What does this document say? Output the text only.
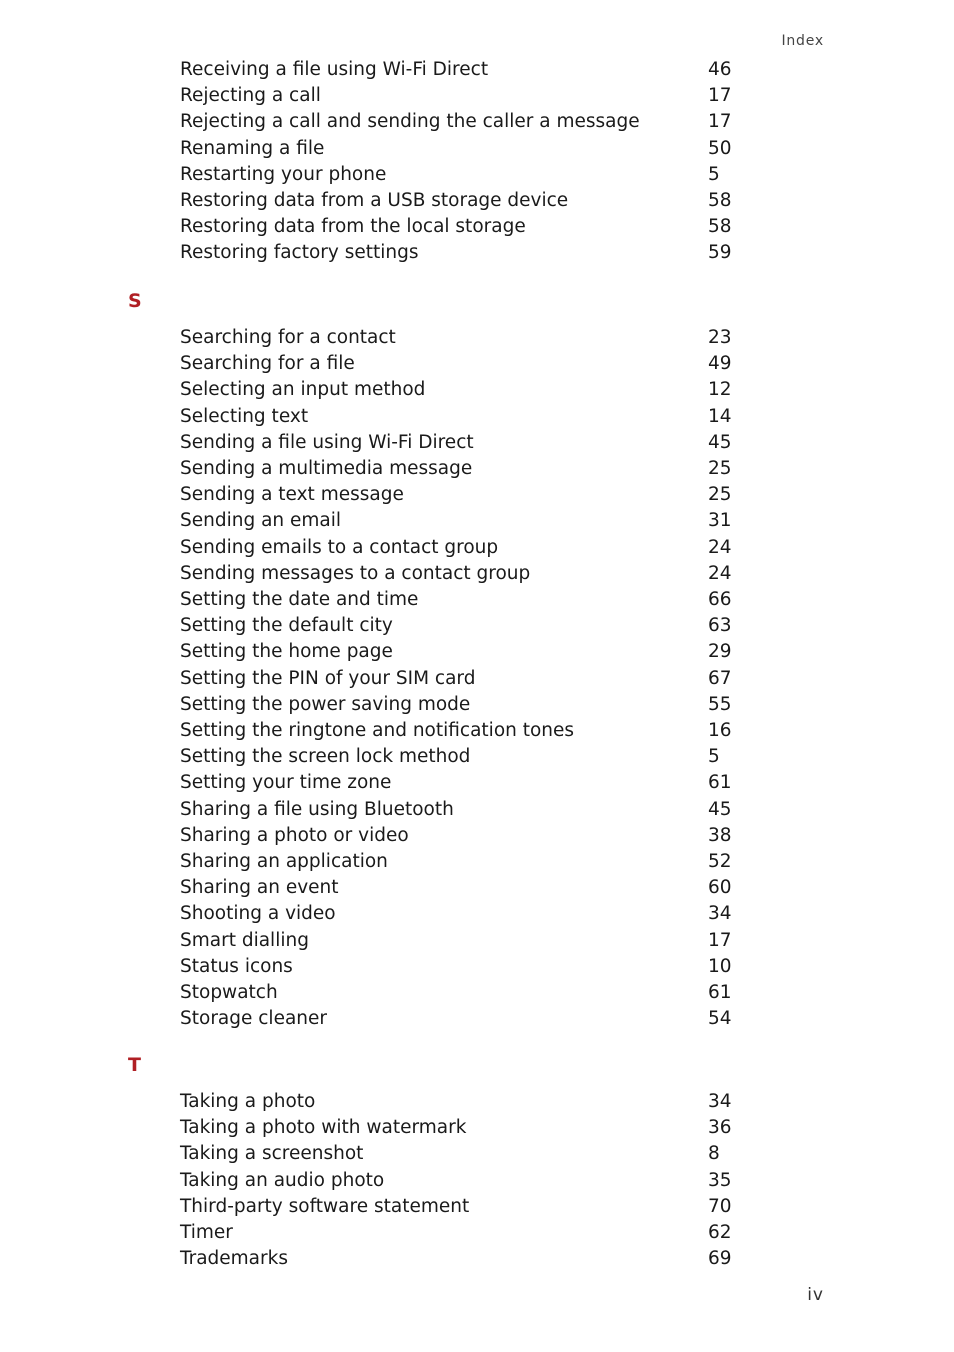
Index
Receiving a file using Wi-Fi Direct	46
Rejecting a call	17
Rejecting a call and sending the caller a message	17
Renaming a file	50
Restarting your phone	5
Restoring data from a USB storage device	58
Restoring data from the local storage	58
Restoring factory settings	59
S
Searching for a contact	23
Searching for a file	49
Selecting an input method	12
Selecting text	14
Sending a file using Wi-Fi Direct	45
Sending a multimedia message	25
Sending a text message	25
Sending an email	31
Sending emails to a contact group	24
Sending messages to a contact group	24
Setting the date and time	66
Setting the default city	63
Setting the home page	29
Setting the PIN of your SIM card	67
Setting the power saving mode	55
Setting the ringtone and notification tones	16
Setting the screen lock method	5
Setting your time zone	61
Sharing a file using Bluetooth	45
Sharing a photo or video	38
Sharing an application	52
Sharing an event	60
Shooting a video	34
Smart dialling	17
Status icons	10
Stopwatch	61
Storage cleaner	54
T
Taking a photo	34
Taking a photo with watermark	36
Taking a screenshot	8
Taking an audio photo	35
Third-party software statement	70
Timer	62
Trademarks	69
iv
